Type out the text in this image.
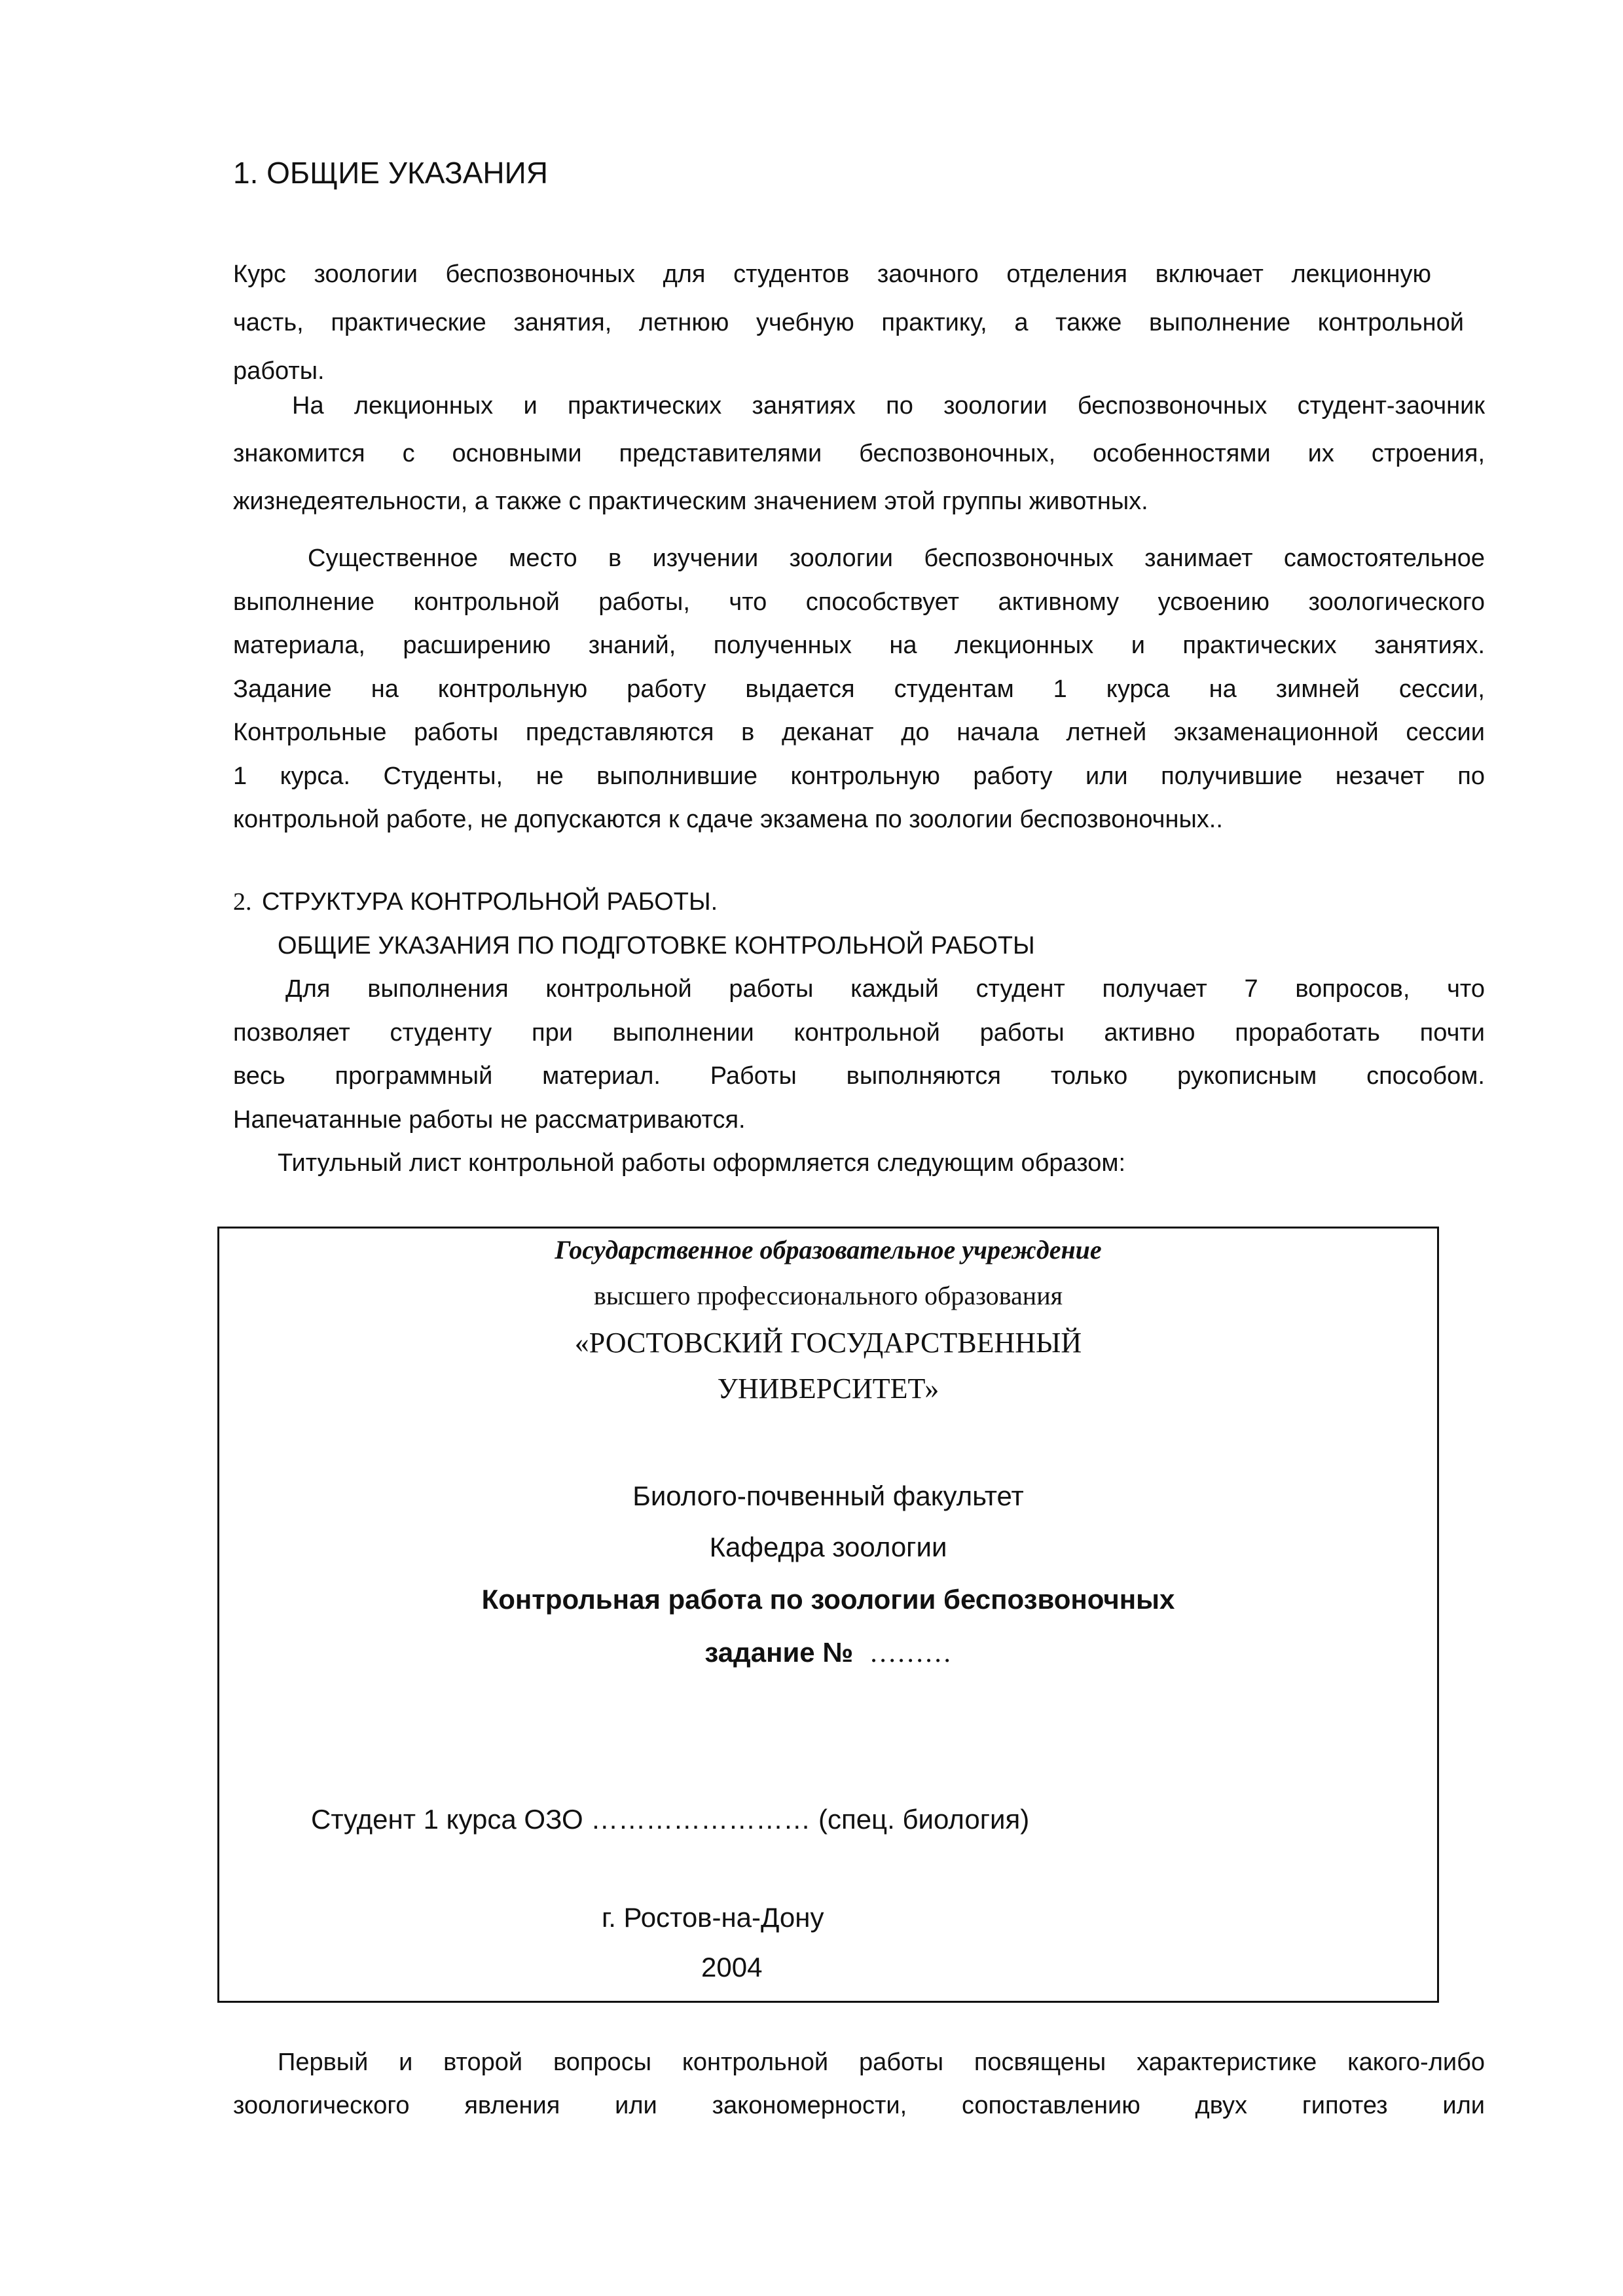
1. ОБЩИЕ УКАЗАНИЯ
Курс зоологии беспозвоночных для студентов заочного отделения включает лекционную
часть, практические занятия, летнюю учебную практику, а также выполнение контрольной
работы.
На лекционных и практических занятиях по зоологии беспозвоночных студент-заочник
знакомится с основными представителями беспозвоночных, особенностями их строения,
жизнедеятельности, а также с практическим значением этой группы животных.
Существенное место в изучении зоологии беспозвоночных занимает самостоятельное
выполнение контрольной работы, что способствует активному усвоению зоологического
материала, расширению знаний, полученных на лекционных и практических занятиях.
Задание на контрольную работу выдается студентам 1 курса на зимней сессии,
Контрольные работы представляются в деканат до начала летней экзаменационной сессии
1 курса. Студенты, не выполнившие контрольную работу или получившие незачет по
контрольной работе, не допускаются к сдаче экзамена по зоологии беспозвоночных..
2. СТРУКТУРА КОНТРОЛЬНОЙ РАБОТЫ.
ОБЩИЕ УКАЗАНИЯ ПО ПОДГОТОВКЕ КОНТРОЛЬНОЙ РАБОТЫ
Для выполнения контрольной работы каждый студент получает 7 вопросов, что
позволяет студенту при выполнении контрольной работы активно проработать почти
весь программный материал. Работы выполняются только рукописным способом.
Напечатанные работы не рассматриваются.
Титульный лист контрольной работы оформляется следующим образом:
Государственное образовательное учреждение
высшего профессионального образования
«РОСТОВСКИЙ ГОСУДАРСТВЕННЫЙ
УНИВЕРСИТЕТ»
Биолого-почвенный факультет
Кафедра зоологии
Контрольная работа по зоологии беспозвоночных
задание № ………
Студент 1 курса ОЗО …………………… (спец. биология)
г. Ростов-на-Дону
2004
Первый и второй вопросы контрольной работы посвящены характеристике какого-либо
зоологического явления или закономерности, сопоставлению двух гипотез или
